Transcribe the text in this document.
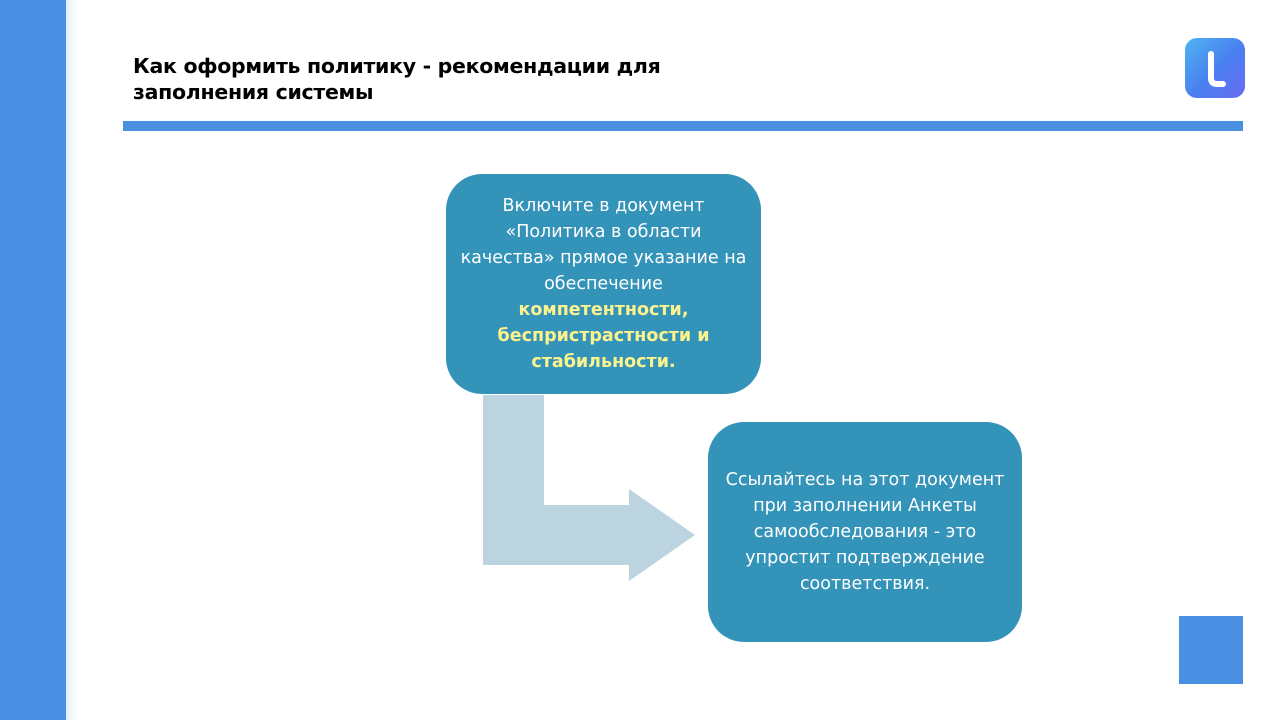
Как оформить политику - рекомендации для заполнения системы
Включите в документ «Политика в области качества» прямое указание на обеспечение компетентности, беспристрастности и стабильности.
Ссылайтесь на этот документ при заполнении Анкеты самообследования - это упростит подтверждение соответствия.
